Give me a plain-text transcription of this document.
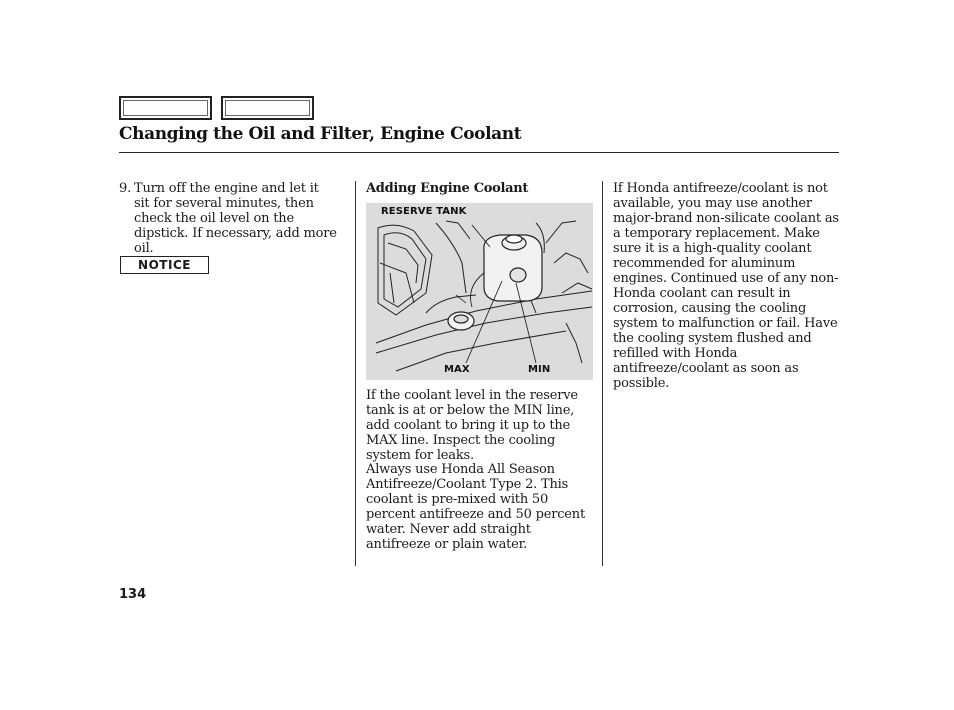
Changing the Oil and Filter, Engine Coolant
9. Turn off the engine and let it sit for several minutes, then check the oil level on the dipstick. If necessary, add more oil.

NOTICE
Adding Engine Coolant
RESERVE TANK
MAX	MIN

If the coolant level in the reserve tank is at or below the MIN line, add coolant to bring it up to the MAX line. Inspect the cooling system for leaks.

Always use Honda All Season Antifreeze/Coolant Type 2. This coolant is pre-mixed with 50 percent antifreeze and 50 percent water. Never add straight antifreeze or plain water.

If Honda antifreeze/coolant is not available, you may use another major-brand non-silicate coolant as a temporary replacement. Make sure it is a high-quality coolant recommended for aluminum engines. Continued use of any non-Honda coolant can result in corrosion, causing the cooling system to malfunction or fail. Have the cooling system flushed and refilled with Honda antifreeze/coolant as soon as possible.

134
